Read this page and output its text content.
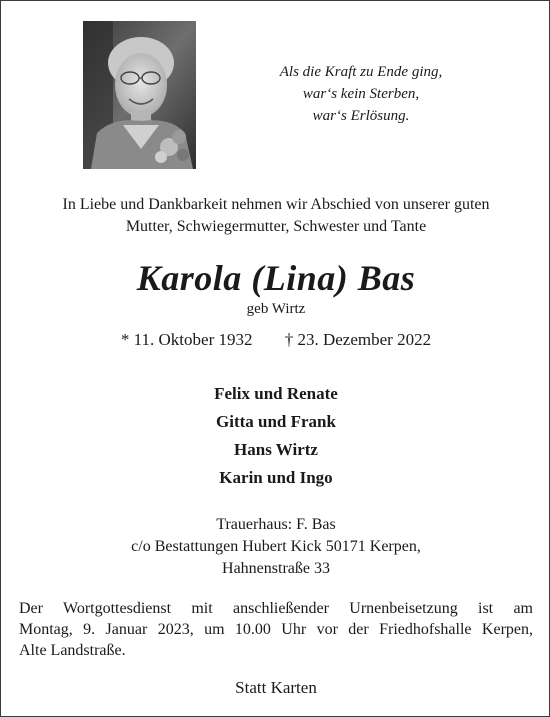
Als die Kraft zu Ende ging,
war‘s kein Sterben,
war‘s Erlösung.
In Liebe und Dankbarkeit nehmen wir Abschied von unserer guten
Mutter, Schwiegermutter, Schwester und Tante
Karola (Lina) Bas
geb Wirtz
* 11. Oktober 1932 † 23. Dezember 2022
Felix und Renate
Gitta und Frank
Hans Wirtz
Karin und Ingo
Trauerhaus: F. Bas
c/o Bestattungen Hubert Kick 50171 Kerpen,
Hahnenstraße 33
Der Wortgottesdienst mit anschließender Urnenbeisetzung ist am
Montag, 9. Januar 2023, um 10.00 Uhr vor der Friedhofshalle Kerpen,
Alte Landstraße.
Statt Karten
